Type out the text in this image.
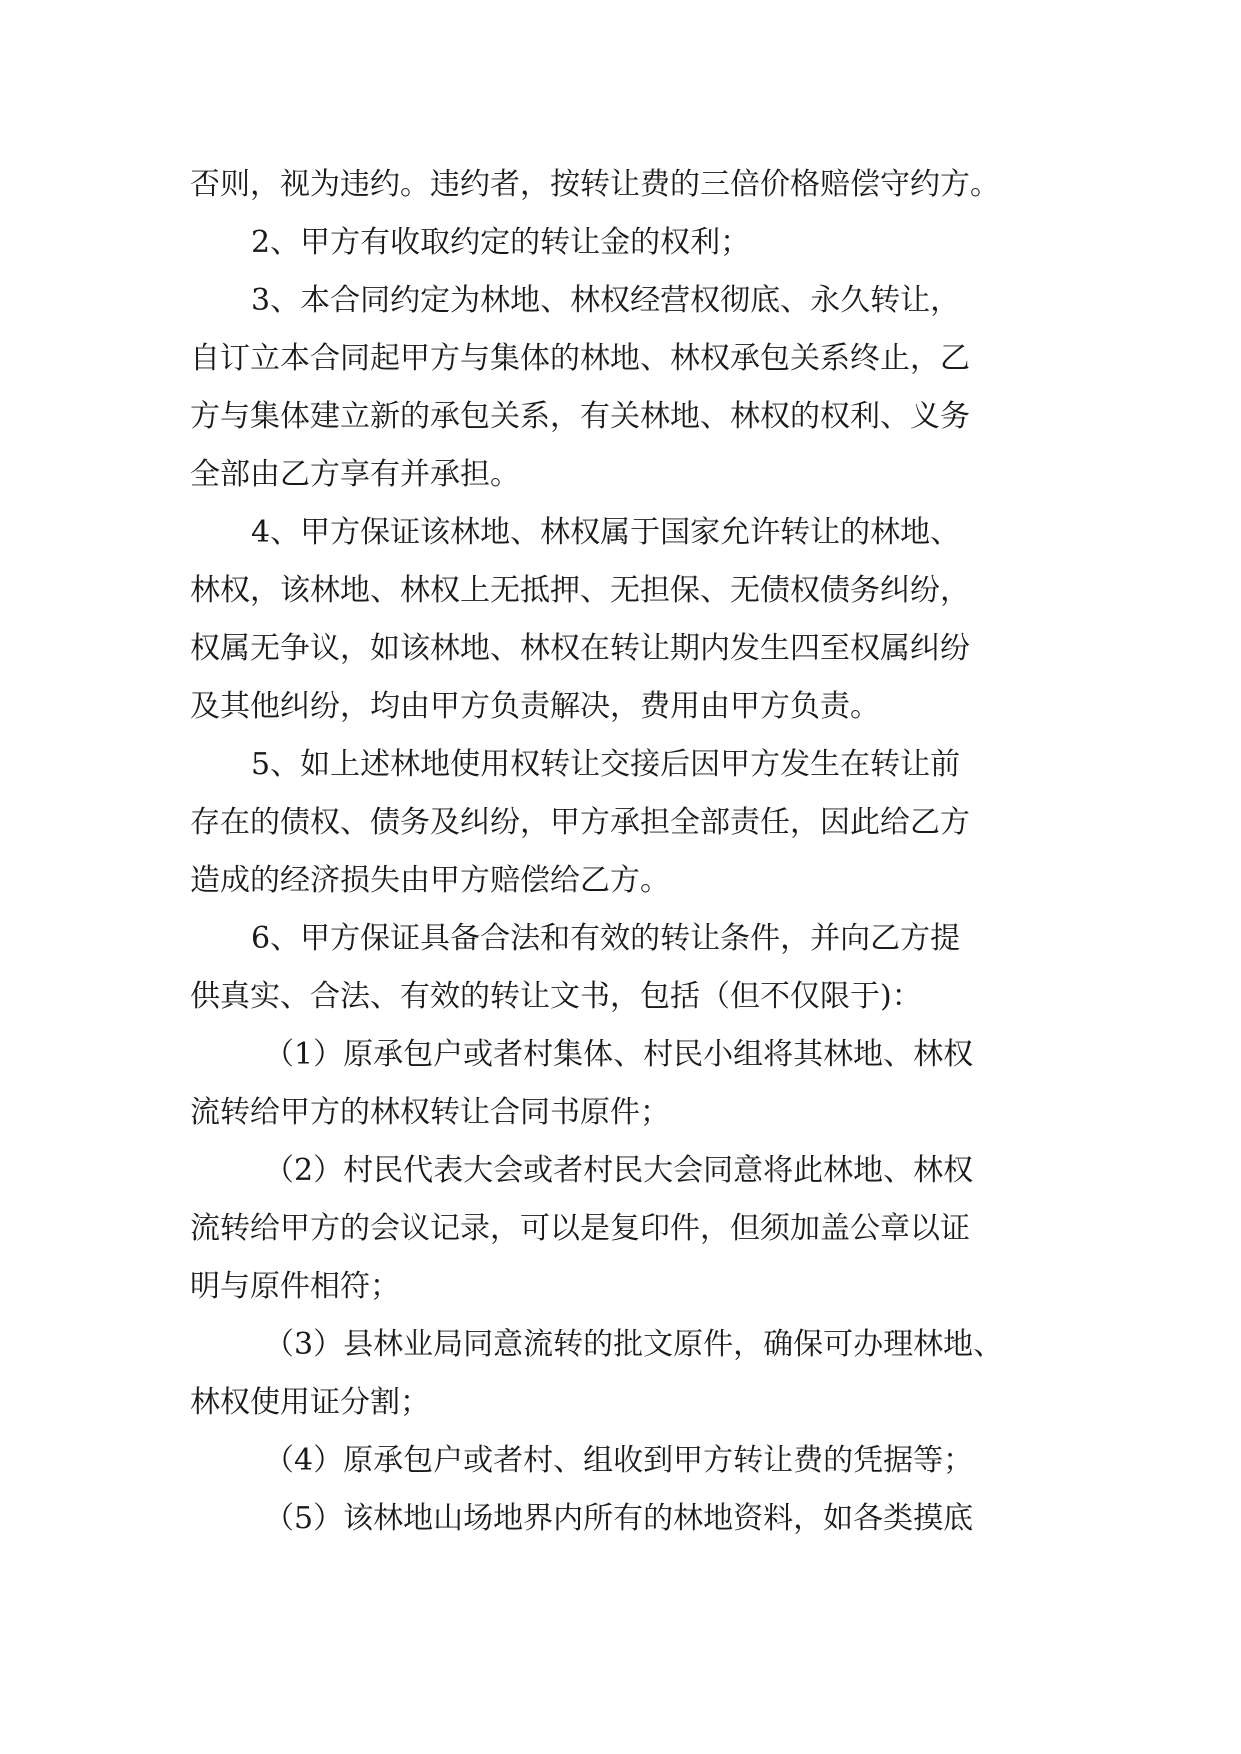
否则，视为违约。违约者，按转让费的三倍价格赔偿守约方。
2、甲方有收取约定的转让金的权利；
3、本合同约定为林地、林权经营权彻底、永久转让，
自订立本合同起甲方与集体的林地、林权承包关系终止，乙
方与集体建立新的承包关系，有关林地、林权的权利、义务
全部由乙方享有并承担。
4、甲方保证该林地、林权属于国家允许转让的林地、
林权，该林地、林权上无抵押、无担保、无债权债务纠纷，
权属无争议，如该林地、林权在转让期内发生四至权属纠纷
及其他纠纷，均由甲方负责解决，费用由甲方负责。
5、如上述林地使用权转让交接后因甲方发生在转让前
存在的债权、债务及纠纷，甲方承担全部责任，因此给乙方
造成的经济损失由甲方赔偿给乙方。
6、甲方保证具备合法和有效的转让条件，并向乙方提
供真实、合法、有效的转让文书，包括（但不仅限于)：
（1）原承包户或者村集体、村民小组将其林地、林权
流转给甲方的林权转让合同书原件；
（2）村民代表大会或者村民大会同意将此林地、林权
流转给甲方的会议记录，可以是复印件，但须加盖公章以证
明与原件相符；
（3）县林业局同意流转的批文原件，确保可办理林地、
林权使用证分割；
（4）原承包户或者村、组收到甲方转让费的凭据等；
（5）该林地山场地界内所有的林地资料，如各类摸底
